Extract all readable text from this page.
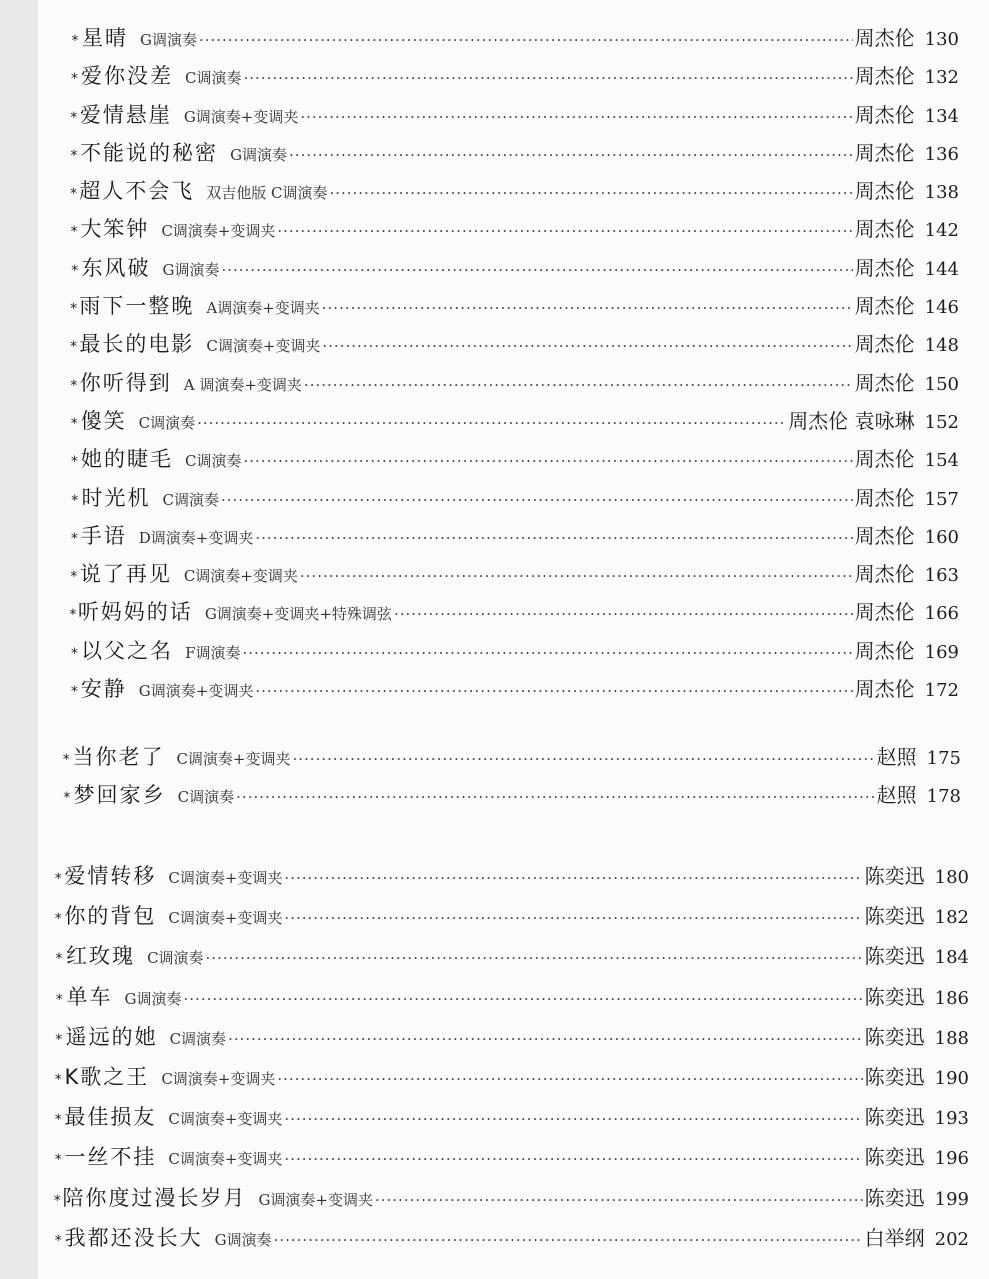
* 星晴 G调演奏 ·····	周杰伦 130
* 爱你没差 C调演奏 ·····	周杰伦 132
* 爱情悬崖 G调演奏+变调夹 ·····	周杰伦 134
* 不能说的秘密 G调演奏 ·····	周杰伦 136
* 超人不会飞 双吉他版 C调演奏 ·····	周杰伦 138
* 大笨钟 C调演奏+变调夹 ·····	周杰伦 142
* 东风破 G调演奏 ·····	周杰伦 144
* 雨下一整晚 A调演奏+变调夹 ·····	周杰伦 146
* 最长的电影 C调演奏+变调夹 ·····	周杰伦 148
* 你听得到 A 调演奏+变调夹 ·····	周杰伦 150
* 傻笑 C调演奏 ·····	周杰伦 袁咏琳 152
* 她的睫毛 C调演奏 ·····	周杰伦 154
* 时光机 C调演奏 ·····	周杰伦 157
* 手语 D调演奏+变调夹 ·····	周杰伦 160
* 说了再见 C调演奏+变调夹 ·····	周杰伦 163
* 听妈妈的话 G调演奏+变调夹+特殊调弦 ·····	周杰伦 166
* 以父之名 F调演奏 ·····	周杰伦 169
* 安静 G调演奏+变调夹 ·····	周杰伦 172
* 当你老了 C调演奏+变调夹 ·····	赵照 175
* 梦回家乡 C调演奏 ·····	赵照 178
* 爱情转移 C调演奏+变调夹 ·····	陈奕迅 180
* 你的背包 C调演奏+变调夹 ·····	陈奕迅 182
* 红玫瑰 C调演奏 ·····	陈奕迅 184
* 单车 G调演奏 ·····	陈奕迅 186
* 遥远的她 C调演奏 ·····	陈奕迅 188
* K歌之王 C调演奏+变调夹 ·····	陈奕迅 190
* 最佳损友 C调演奏+变调夹 ·····	陈奕迅 193
* 一丝不挂 C调演奏+变调夹 ·····	陈奕迅 196
* 陪你度过漫长岁月 G调演奏+变调夹 ·····	陈奕迅 199
* 我都还没长大 G调演奏 ·····	白举纲 202
